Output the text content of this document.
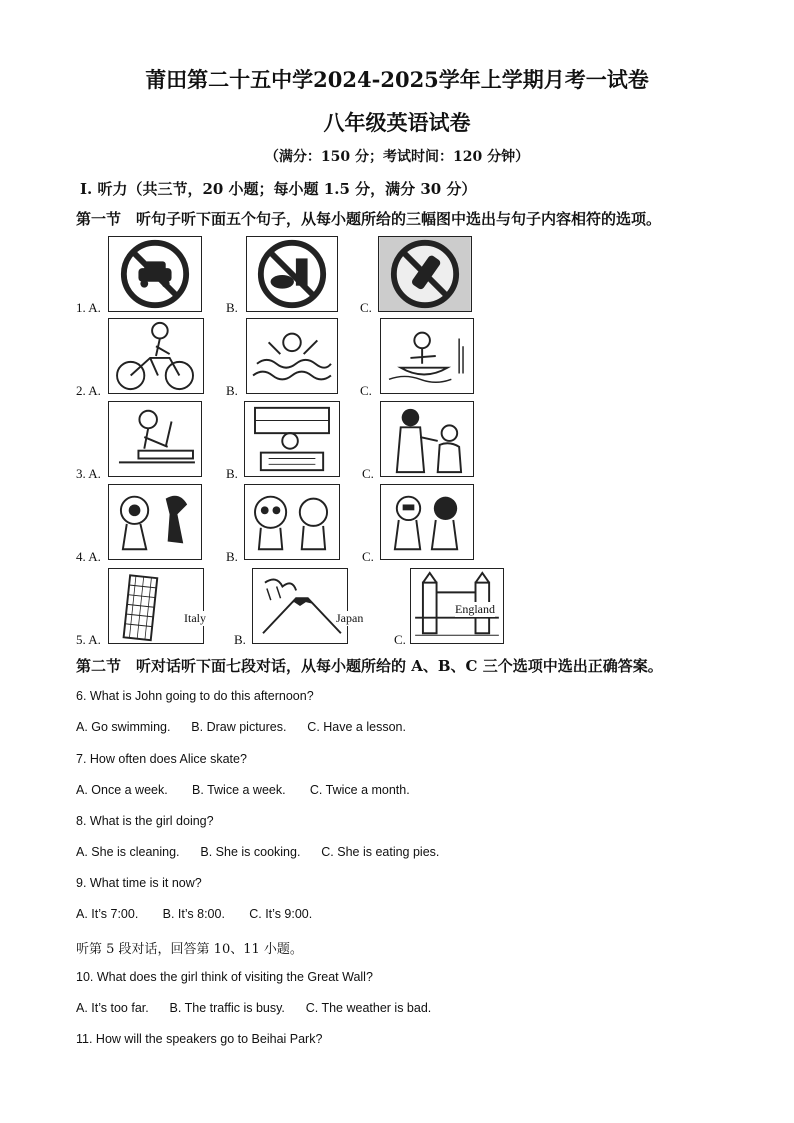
莆田第二十五中学2024-2025学年上学期月考一试卷
八年级英语试卷
（满分：150 分；考试时间：120 分钟）
Ⅰ. 听力（共三节，20 小题；每小题 1.5 分，满分 30 分）
第一节　听句子听下面五个句子，从每小题所给的三幅图中选出与句子内容相符的选项。
1. A.	B.	C.
2. A.	B.	C.
3. A.	B.	C.
4. A.	B.	C.
5. A.
Italy
B.
Japan
C.
England
第二节　听对话听下面七段对话，从每小题所给的 A、B、C 三个选项中选出正确答案。
6. What is John going to do this afternoon?
A. Go swimming.      B. Draw pictures.      C. Have a lesson.
7. How often does Alice skate?
A. Once a week.       B. Twice a week.       C. Twice a month.
8. What is the girl doing?
A. She is cleaning.      B. She is cooking.      C. She is eating pies.
9. What time is it now?
A. It’s 7:00.       B. It’s 8:00.       C. It’s 9:00.
听第 5 段对话，回答第 10、11 小题。
10. What does the girl think of visiting the Great Wall?
A. It’s too far.      B. The traffic is busy.      C. The weather is bad.
11. How will the speakers go to Beihai Park?
